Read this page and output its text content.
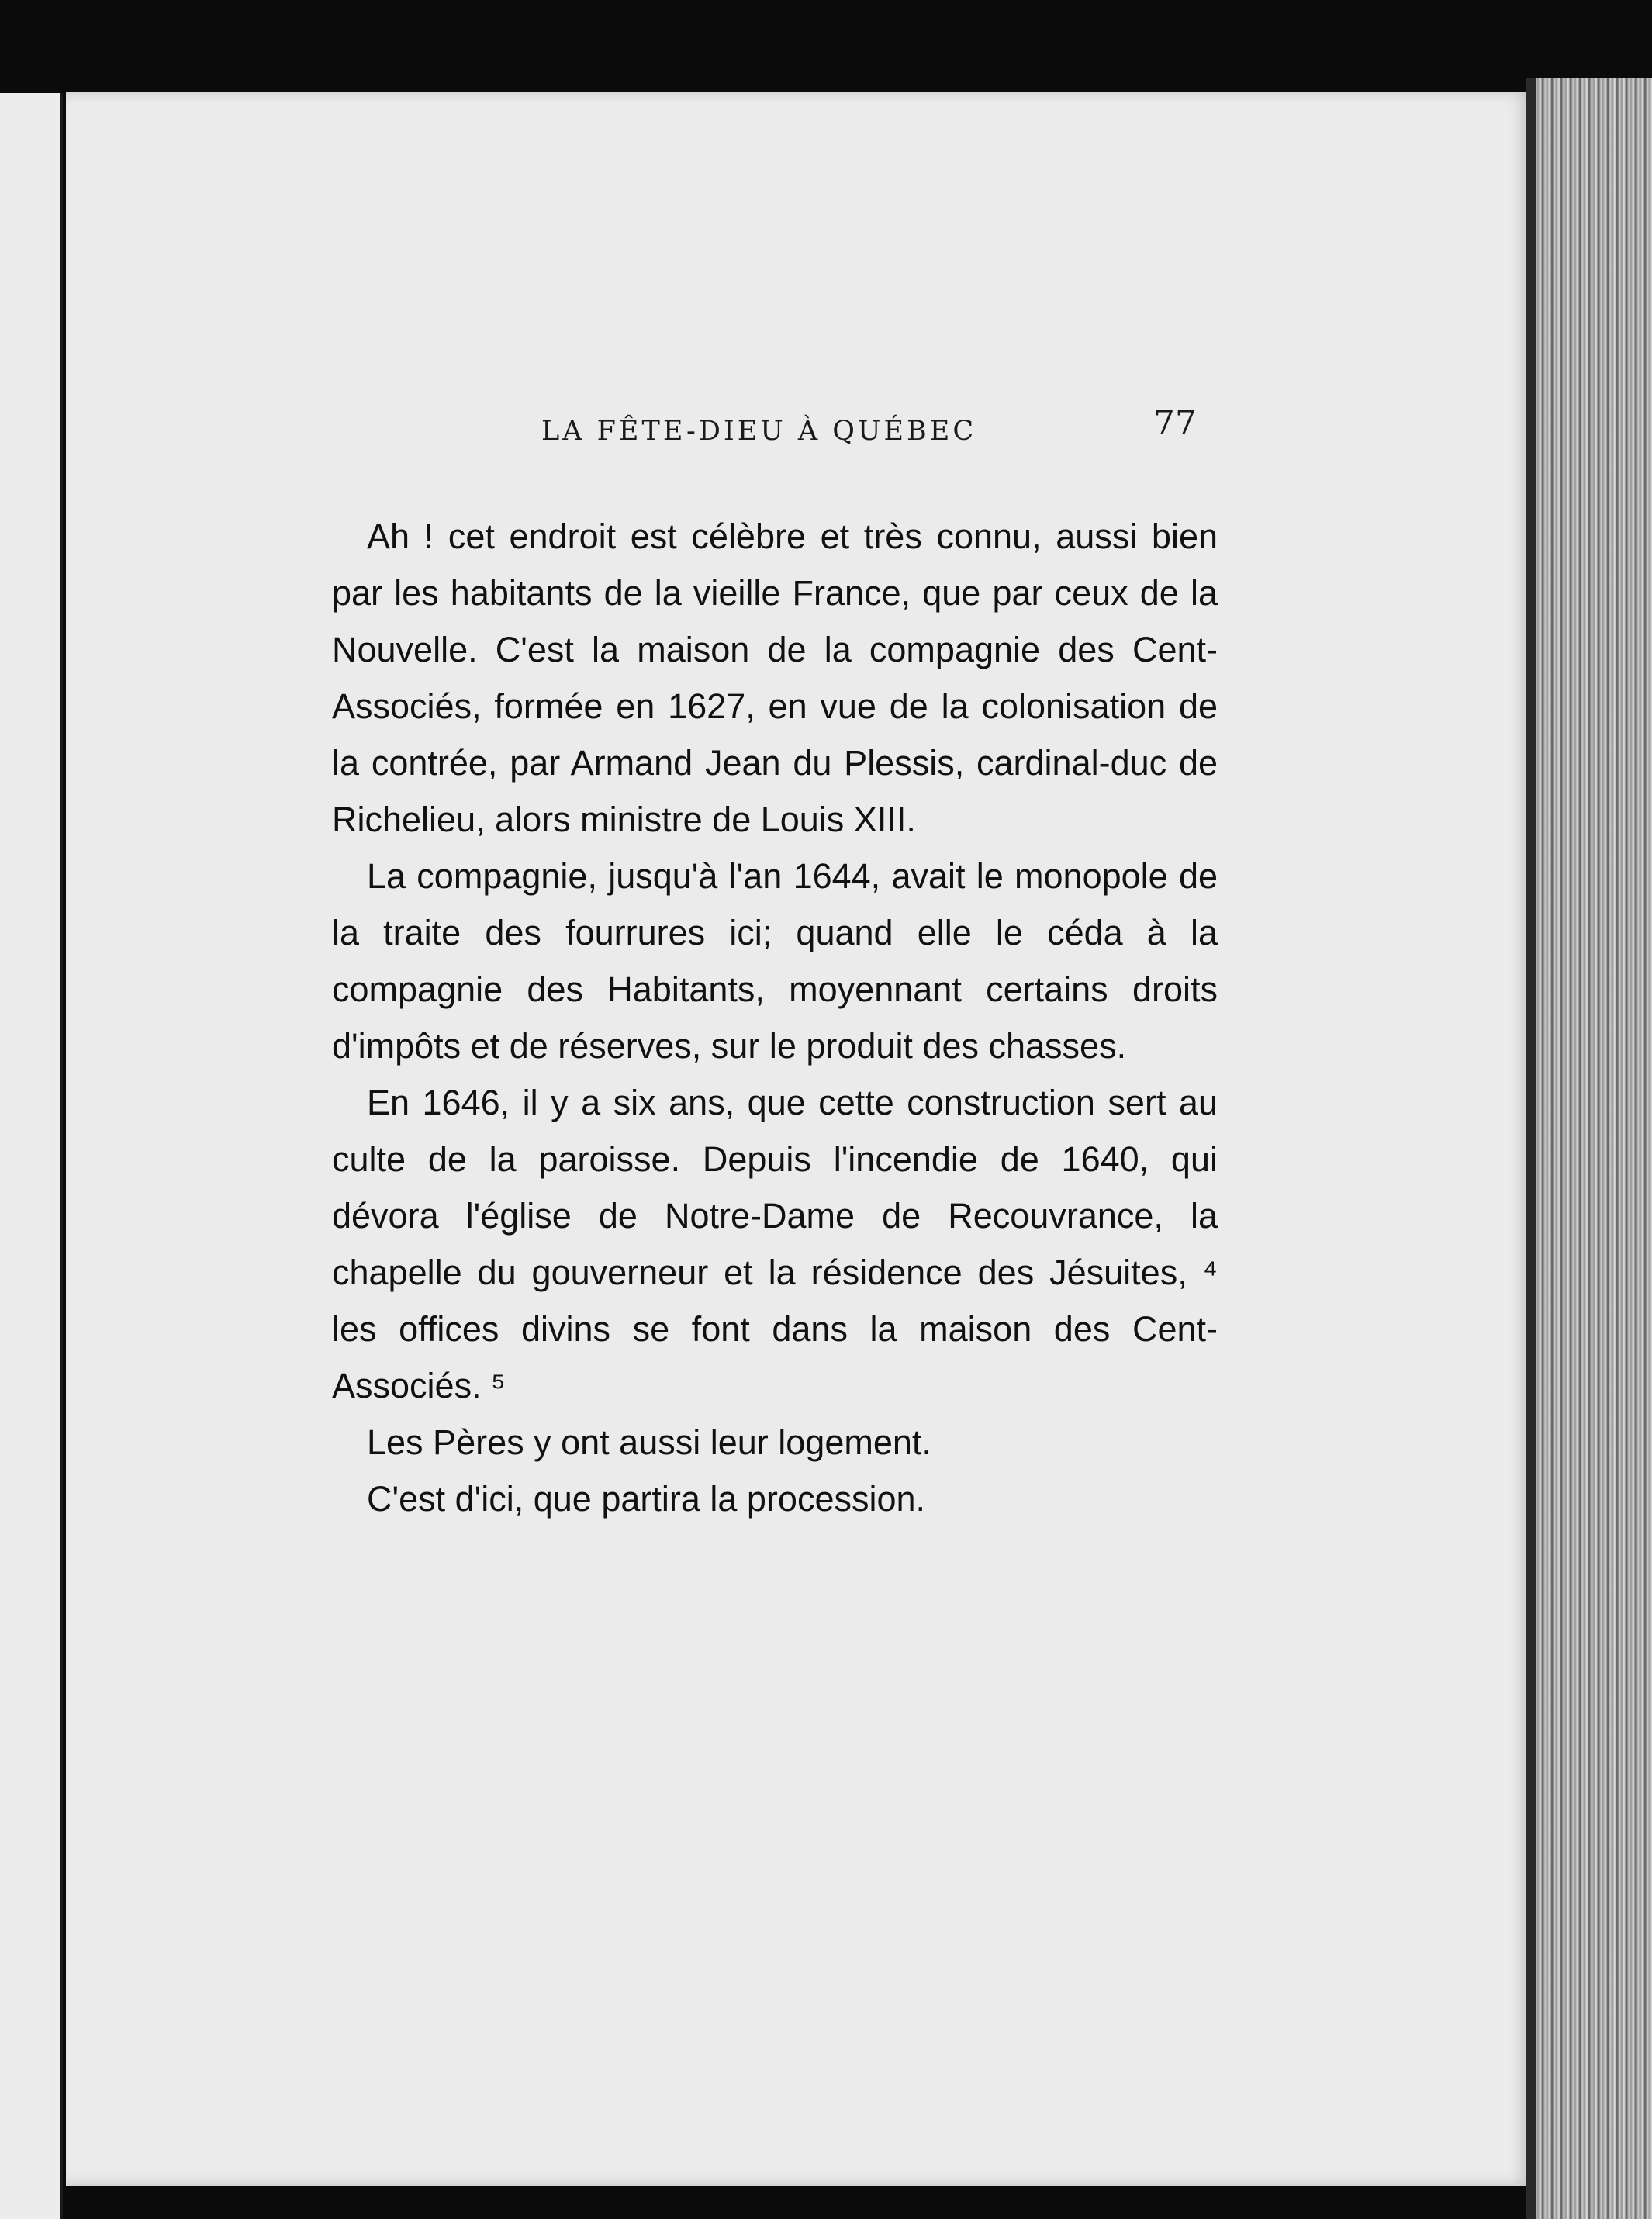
LA FÊTE-DIEU À QUÉBEC	77

Ah ! cet endroit est célèbre et très connu, aussi bien par les habitants de la vieille France, que par ceux de la Nouvelle. C'est la maison de la compagnie des Cent-Associés, formée en 1627, en vue de la colonisation de la contrée, par Armand Jean du Plessis, cardinal-duc de Richelieu, alors ministre de Louis XIII.

La compagnie, jusqu'à l'an 1644, avait le monopole de la traite des fourrures ici; quand elle le céda à la compagnie des Habitants, moyennant certains droits d'impôts et de réserves, sur le produit des chasses.

En 1646, il y a six ans, que cette construction sert au culte de la paroisse. Depuis l'incendie de 1640, qui dévora l'église de Notre-Dame de Recouvrance, la chapelle du gouverneur et la résidence des Jésuites, ⁴ les offices divins se font dans la maison des Cent-Associés. ⁵

Les Pères y ont aussi leur logement.

C'est d'ici, que partira la procession.
